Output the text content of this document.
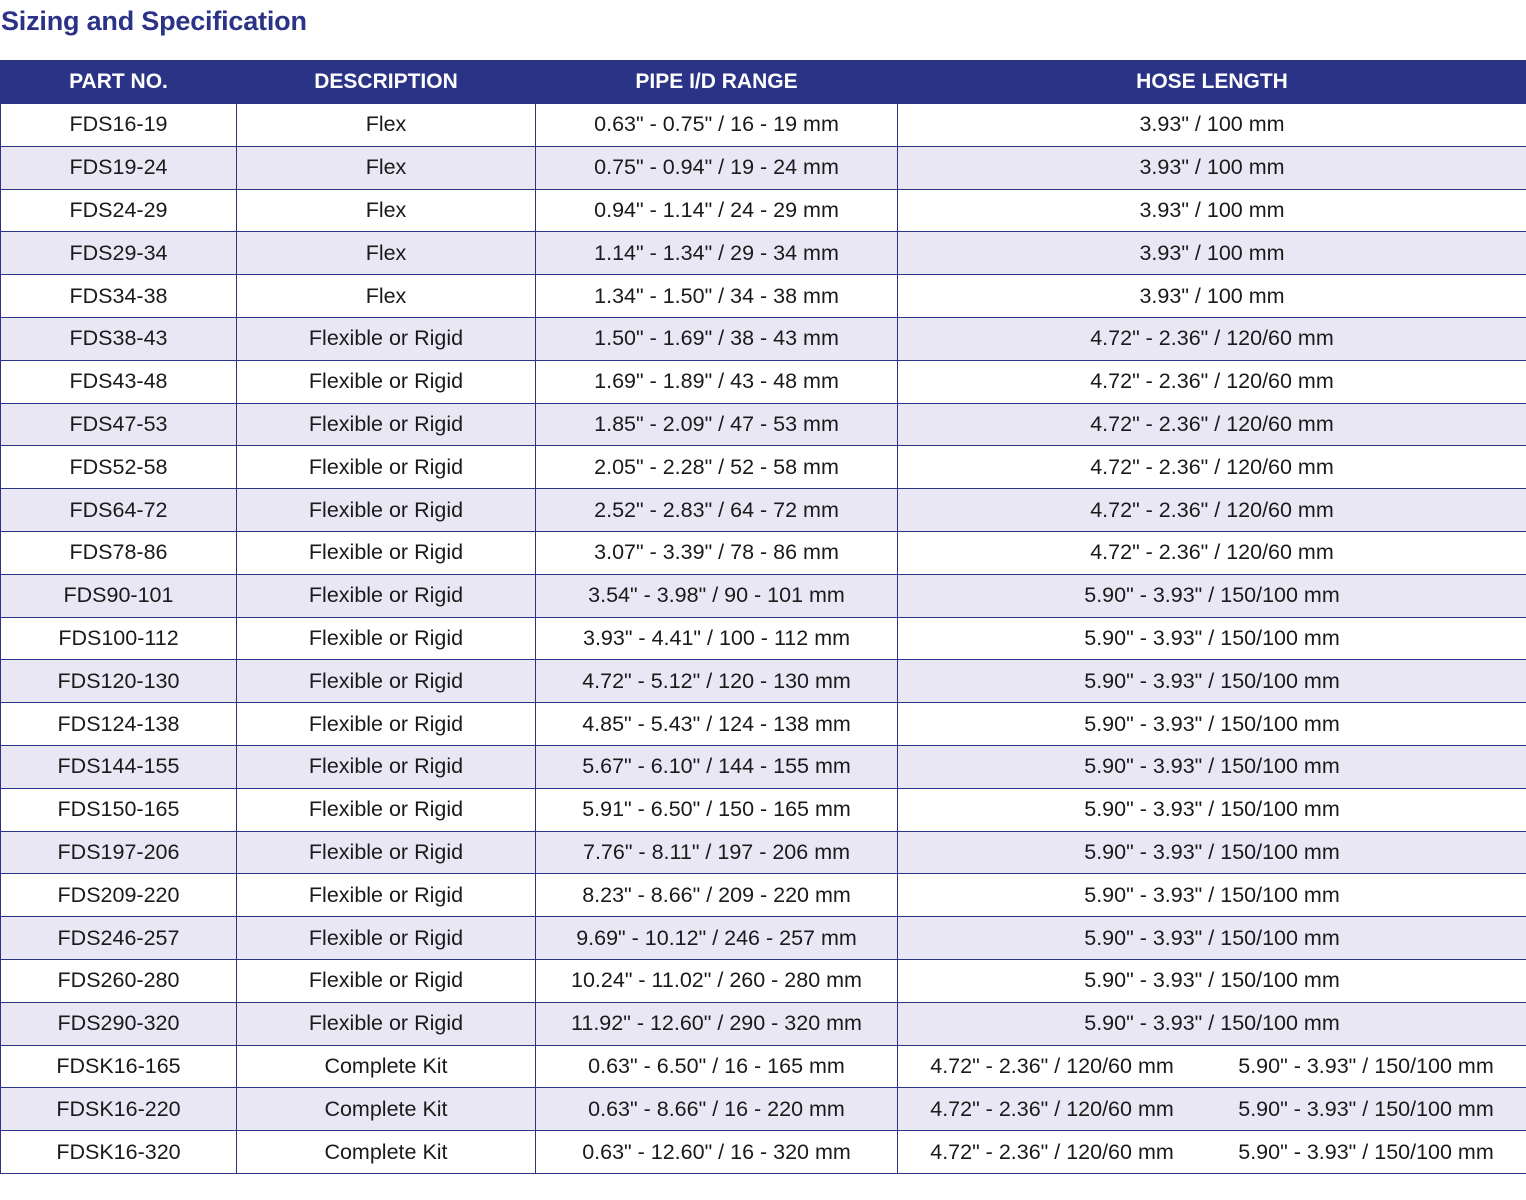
Sizing and Specification
PART NO.	DESCRIPTION	PIPE I/D RANGE	HOSE LENGTH
FDS16-19	Flex	0.63" - 0.75" / 16 - 19 mm	3.93" / 100 mm
FDS19-24	Flex	0.75" - 0.94" / 19 - 24 mm	3.93" / 100 mm
FDS24-29	Flex	0.94" - 1.14" / 24 - 29 mm	3.93" / 100 mm
FDS29-34	Flex	1.14" - 1.34" / 29 - 34 mm	3.93" / 100 mm
FDS34-38	Flex	1.34" - 1.50" / 34 - 38 mm	3.93" / 100 mm
FDS38-43	Flexible or Rigid	1.50" - 1.69" / 38 - 43 mm	4.72" - 2.36" / 120/60 mm
FDS43-48	Flexible or Rigid	1.69" - 1.89" / 43 - 48 mm	4.72" - 2.36" / 120/60 mm
FDS47-53	Flexible or Rigid	1.85" - 2.09" / 47 - 53 mm	4.72" - 2.36" / 120/60 mm
FDS52-58	Flexible or Rigid	2.05" - 2.28" / 52 - 58 mm	4.72" - 2.36" / 120/60 mm
FDS64-72	Flexible or Rigid	2.52" - 2.83" / 64 - 72 mm	4.72" - 2.36" / 120/60 mm
FDS78-86	Flexible or Rigid	3.07" - 3.39" / 78 - 86 mm	4.72" - 2.36" / 120/60 mm
FDS90-101	Flexible or Rigid	3.54" - 3.98" / 90 - 101 mm	5.90" - 3.93" / 150/100 mm
FDS100-112	Flexible or Rigid	3.93" - 4.41" / 100 - 112 mm	5.90" - 3.93" / 150/100 mm
FDS120-130	Flexible or Rigid	4.72" - 5.12" / 120 - 130 mm	5.90" - 3.93" / 150/100 mm
FDS124-138	Flexible or Rigid	4.85" - 5.43" / 124 - 138 mm	5.90" - 3.93" / 150/100 mm
FDS144-155	Flexible or Rigid	5.67" - 6.10" / 144 - 155 mm	5.90" - 3.93" / 150/100 mm
FDS150-165	Flexible or Rigid	5.91" - 6.50" / 150 - 165 mm	5.90" - 3.93" / 150/100 mm
FDS197-206	Flexible or Rigid	7.76" - 8.11" / 197 - 206 mm	5.90" - 3.93" / 150/100 mm
FDS209-220	Flexible or Rigid	8.23" - 8.66" / 209 - 220 mm	5.90" - 3.93" / 150/100 mm
FDS246-257	Flexible or Rigid	9.69" - 10.12" / 246 - 257 mm	5.90" - 3.93" / 150/100 mm
FDS260-280	Flexible or Rigid	10.24" - 11.02" / 260 - 280 mm	5.90" - 3.93" / 150/100 mm
FDS290-320	Flexible or Rigid	11.92" - 12.60" / 290 - 320 mm	5.90" - 3.93" / 150/100 mm
FDSK16-165	Complete Kit	0.63" - 6.50" / 16 - 165 mm	4.72" - 2.36" / 120/60 mm 5.90" - 3.93" / 150/100 mm

FDSK16-220	Complete Kit	0.63" - 8.66" / 16 - 220 mm	4.72" - 2.36" / 120/60 mm 5.90" - 3.93" / 150/100 mm

FDSK16-320	Complete Kit	0.63" - 12.60" / 16 - 320 mm	4.72" - 2.36" / 120/60 mm 5.90" - 3.93" / 150/100 mm
